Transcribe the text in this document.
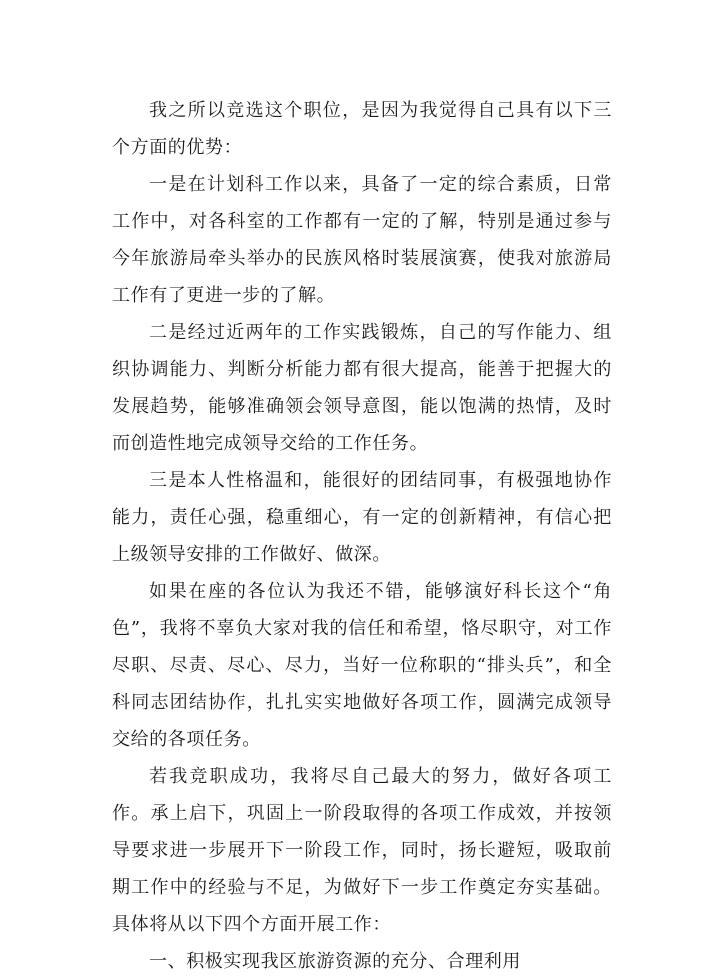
我之所以竞选这个职位，是因为我觉得自己具有以下三个方面的优势：

一是在计划科工作以来，具备了一定的综合素质，日常工作中，对各科室的工作都有一定的了解，特别是通过参与今年旅游局牵头举办的民族风格时装展演赛，使我对旅游局工作有了更进一步的了解。

二是经过近两年的工作实践锻炼，自己的写作能力、组织协调能力、判断分析能力都有很大提高，能善于把握大的发展趋势，能够准确领会领导意图，能以饱满的热情，及时而创造性地完成领导交给的工作任务。

三是本人性格温和，能很好的团结同事，有极强地协作能力，责任心强，稳重细心，有一定的创新精神，有信心把上级领导安排的工作做好、做深。

如果在座的各位认为我还不错，能够演好科长这个“角色”，我将不辜负大家对我的信任和希望，恪尽职守，对工作尽职、尽责、尽心、尽力，当好一位称职的“排头兵”，和全科同志团结协作，扎扎实实地做好各项工作，圆满完成领导交给的各项任务。

若我竞职成功，我将尽自己最大的努力，做好各项工作。承上启下，巩固上一阶段取得的各项工作成效，并按领导要求进一步展开下一阶段工作，同时，扬长避短，吸取前期工作中的经验与不足，为做好下一步工作奠定夯实基础。具体将从以下四个方面开展工作：

一、积极实现我区旅游资源的充分、合理利用
